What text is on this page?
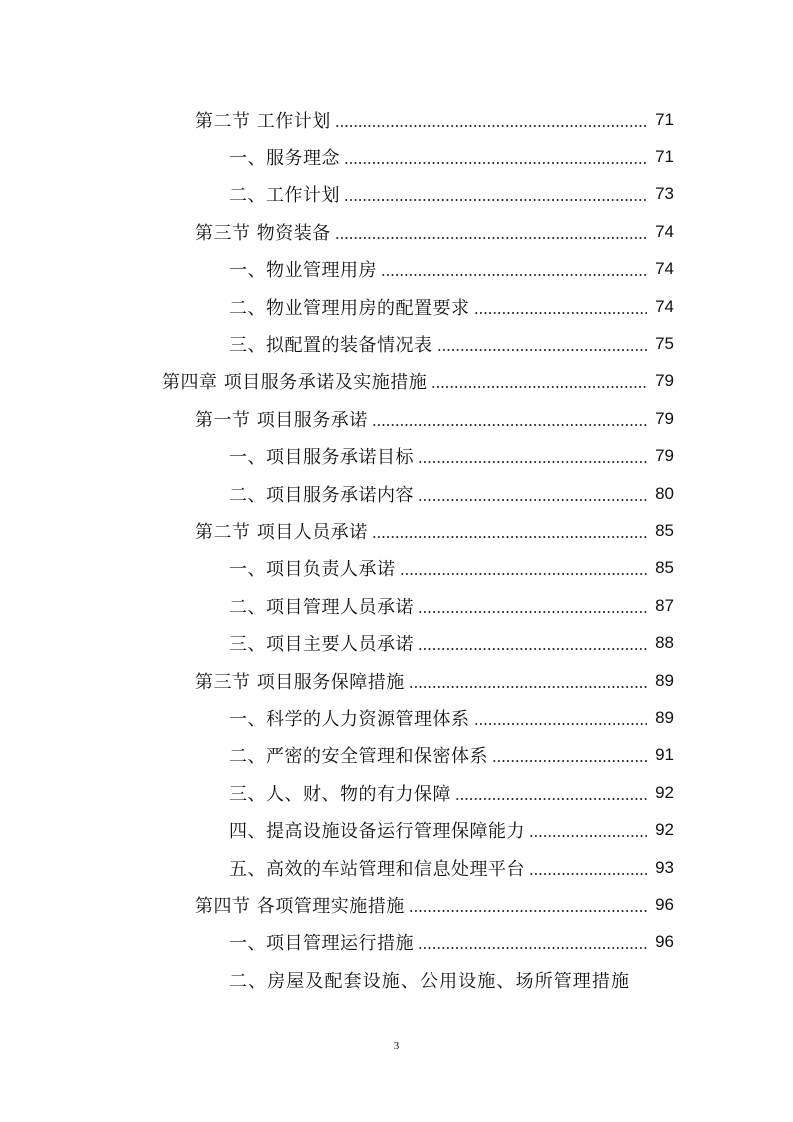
第二节 工作计划	71
一、服务理念	71
二、工作计划	73
第三节 物资装备	74
一、物业管理用房	74
二、物业管理用房的配置要求	74
三、拟配置的装备情况表	75
第四章 项目服务承诺及实施措施	79
第一节 项目服务承诺	79
一、项目服务承诺目标	79
二、项目服务承诺内容	80
第二节 项目人员承诺	85
一、项目负责人承诺	85
二、项目管理人员承诺	87
三、项目主要人员承诺	88
第三节 项目服务保障措施	89
一、科学的人力资源管理体系	89
二、严密的安全管理和保密体系	91
三、人、财、物的有力保障	92
四、提高设施设备运行管理保障能力	92
五、高效的车站管理和信息处理平台	93
第四节 各项管理实施措施	96
一、项目管理运行措施	96
二、房屋及配套设施、公用设施、场所管理措施
3
